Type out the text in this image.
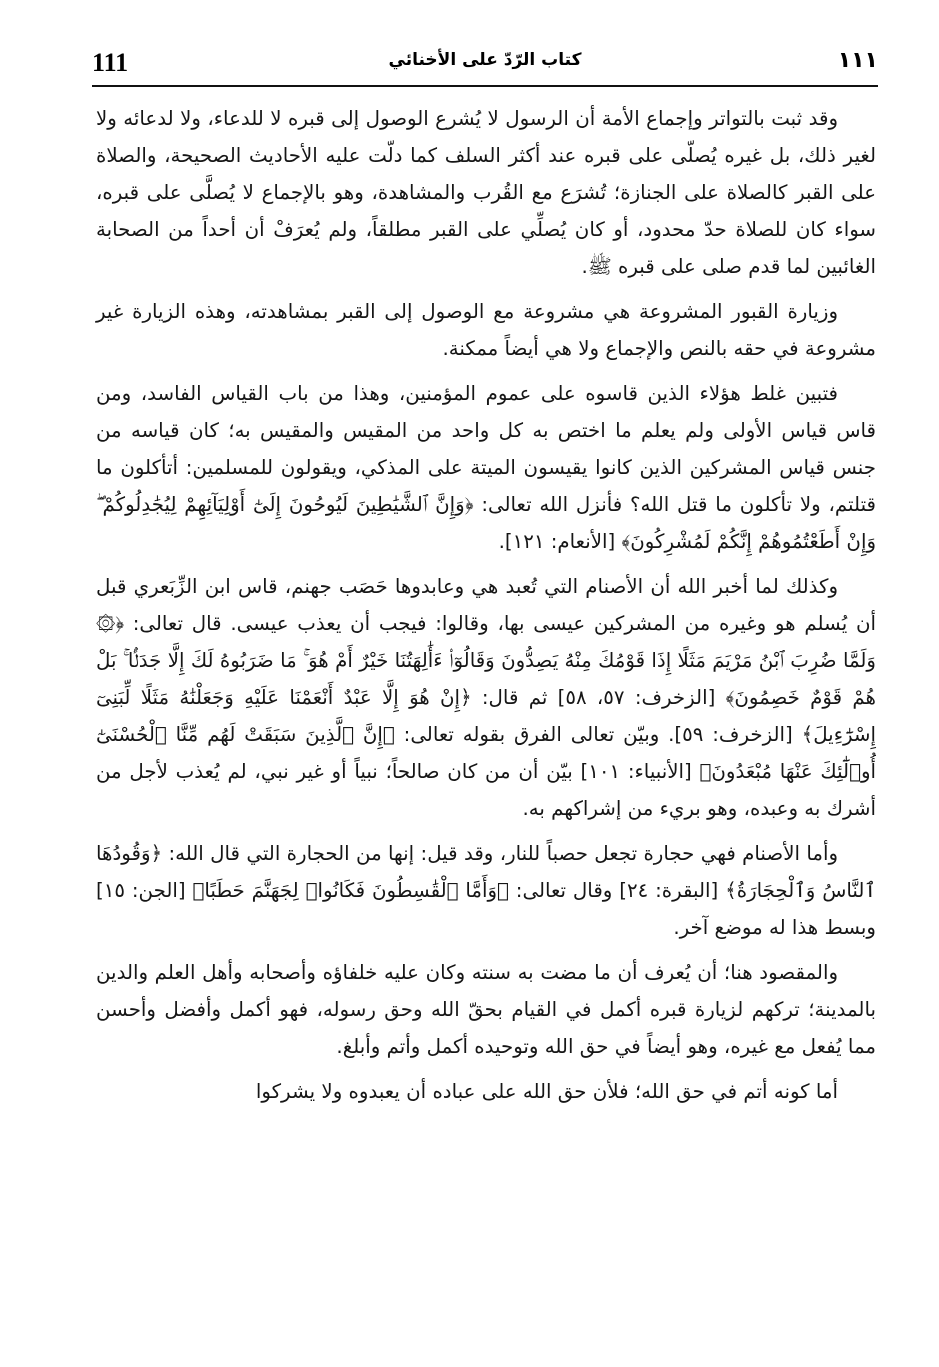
111	كتاب الرّدّ على الأخنائي	١١١

وقد ثبت بالتواتر وإجماع الأمة أن الرسول لا يُشرع الوصول إلى قبره لا للدعاء، ولا لدعائه ولا لغير ذلك، بل غيره يُصلّى على قبره عند أكثر السلف كما دلّت عليه الأحاديث الصحيحة، والصلاة على القبر كالصلاة على الجنازة؛ تُشرَع مع القُرب والمشاهدة، وهو بالإجماع لا يُصلَّى على قبره، سواء كان للصلاة حدّ محدود، أو كان يُصلِّي على القبر مطلقاً، ولم يُعرَفْ أن أحداً من الصحابة الغائبين لما قدم صلى على قبره ﷺ.

وزيارة القبور المشروعة هي مشروعة مع الوصول إلى القبر بمشاهدته، وهذه الزيارة غير مشروعة في حقه بالنص والإجماع ولا هي أيضاً ممكنة.

فتبين غلط هؤلاء الذين قاسوه على عموم المؤمنين، وهذا من باب القياس الفاسد، ومن قاس قياس الأولى ولم يعلم ما اختص به كل واحد من المقيس والمقيس به؛ كان قياسه من جنس قياس المشركين الذين كانوا يقيسون الميتة على المذكي، ويقولون للمسلمين: أتأكلون ما قتلتم، ولا تأكلون ما قتل الله؟ فأنزل الله تعالى: ﴿وَإِنَّ ٱلشَّيَٰطِينَ لَيُوحُونَ إِلَىٰٓ أَوْلِيَآئِهِمْ لِيُجَٰدِلُوكُمْ ۖ وَإِنْ أَطَعْتُمُوهُمْ إِنَّكُمْ لَمُشْرِكُونَ﴾ [الأنعام: ١٢١].

وكذلك لما أخبر الله أن الأصنام التي تُعبد هي وعابدوها حَصَب جهنم، قاس ابن الزِّبَعري قبل أن يُسلم هو وغيره من المشركين عيسى بها، وقالوا: فيجب أن يعذب عيسى. قال تعالى: ﴿۞ وَلَمَّا ضُرِبَ ٱبْنُ مَرْيَمَ مَثَلًا إِذَا قَوْمُكَ مِنْهُ يَصِدُّونَ وَقَالُوٓا۟ ءَأَٰلِهَتُنَا خَيْرٌ أَمْ هُوَ ۚ مَا ضَرَبُوهُ لَكَ إِلَّا جَدَلًۢا ۚ بَلْ هُمْ قَوْمٌ خَصِمُونَ﴾ [الزخرف: ٥٧، ٥٨] ثم قال: ﴿إِنْ هُوَ إِلَّا عَبْدٌ أَنْعَمْنَا عَلَيْهِ وَجَعَلْنَٰهُ مَثَلًا لِّبَنِىٓ إِسْرَٰٓءِيلَ﴾ [الزخرف: ٥٩]. وبيّن تعالى الفرق بقوله تعالى: ﴿إِنَّ ٱلَّذِينَ سَبَقَتْ لَهُم مِّنَّا ٱلْحُسْنَىٰٓ أُو۟لَٰٓئِكَ عَنْهَا مُبْعَدُونَ﴾ [الأنبياء: ١٠١] بيّن أن من كان صالحاً؛ نبياً أو غير نبي، لم يُعذب لأجل من أشرك به وعبده، وهو بريء من إشراكهم به.

وأما الأصنام فهي حجارة تجعل حصباً للنار، وقد قيل: إنها من الحجارة التي قال الله: ﴿وَقُودُهَا ٱلنَّاسُ وَٱلْحِجَارَةُ﴾ [البقرة: ٢٤] وقال تعالى: ﴿وَأَمَّا ٱلْقَٰسِطُونَ فَكَانُوا۟ لِجَهَنَّمَ حَطَبًا﴾ [الجن: ١٥] وبسط هذا له موضع آخر.

والمقصود هنا؛ أن يُعرف أن ما مضت به سنته وكان عليه خلفاؤه وأصحابه وأهل العلم والدين بالمدينة؛ تركهم لزيارة قبره أكمل في القيام بحقّ الله وحق رسوله، فهو أكمل وأفضل وأحسن مما يُفعل مع غيره، وهو أيضاً في حق الله وتوحيده أكمل وأتم وأبلغ.

أما كونه أتم في حق الله؛ فلأن حق الله على عباده أن يعبدوه ولا يشركوا
